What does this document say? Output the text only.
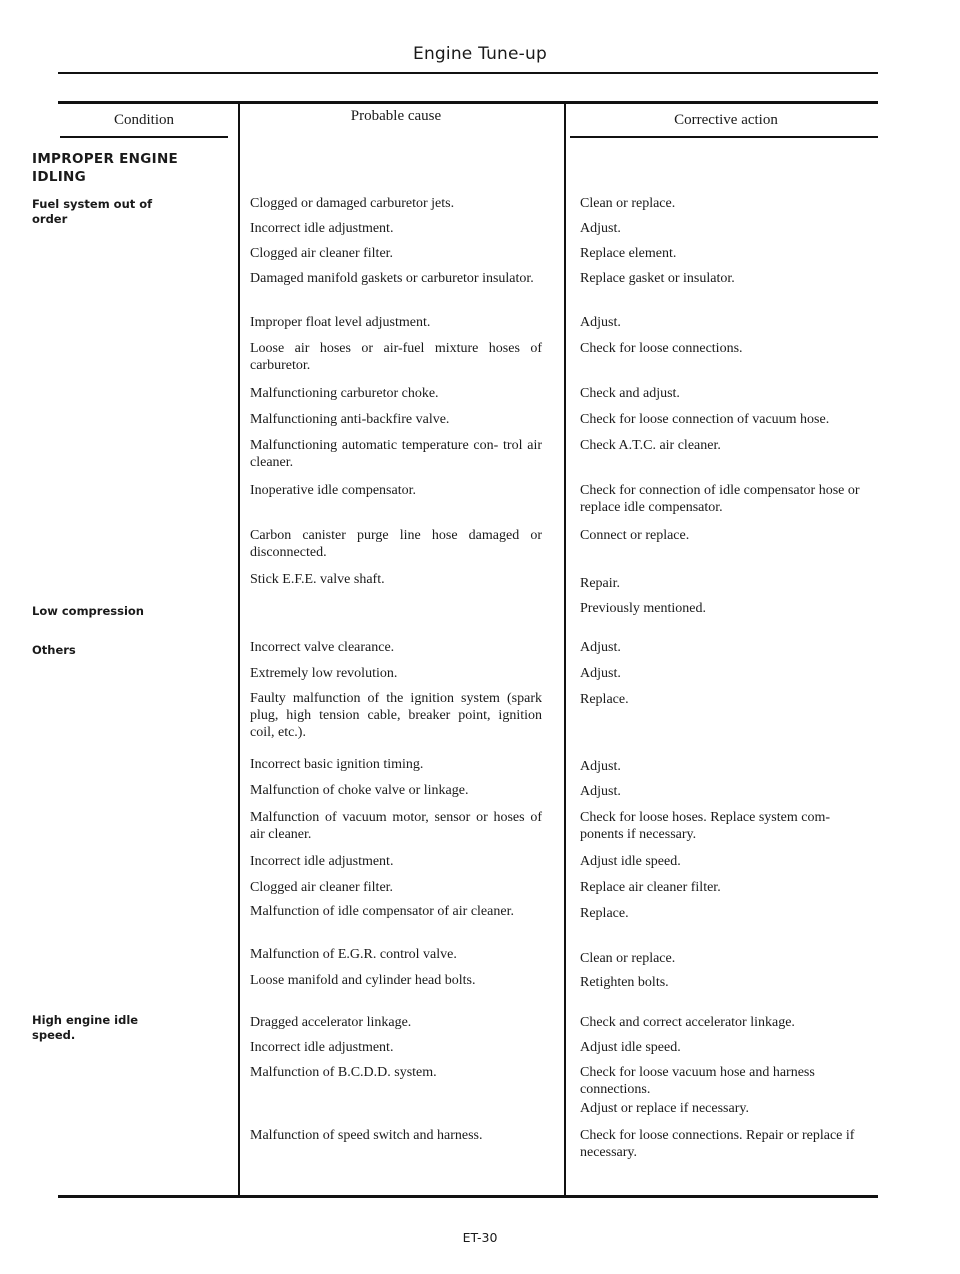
Engine Tune-up
Condition	Probable cause	Corrective action
IMPROPER ENGINE
IDLING
Fuel system out of
order
Low compression
Others
High engine idle
speed.
Clogged or damaged carburetor jets.
Incorrect idle adjustment.
Clogged air cleaner filter.
Damaged manifold gaskets or carburetor insulator.
Improper float level adjustment.
Loose air hoses or air-fuel mixture hoses of carburetor.
Malfunctioning carburetor choke.
Malfunctioning anti-backfire valve.
Malfunctioning automatic temperature con- trol air cleaner.
Inoperative idle compensator.
Carbon canister purge line hose damaged or disconnected.
Stick E.F.E. valve shaft.
Incorrect valve clearance.
Extremely low revolution.
Faulty malfunction of the ignition system (spark plug, high tension cable, breaker point, ignition coil, etc.).
Incorrect basic ignition timing.
Malfunction of choke valve or linkage.
Malfunction of vacuum motor, sensor or hoses of air cleaner.
Incorrect idle adjustment.
Clogged air cleaner filter.
Malfunction of idle compensator of air cleaner.
Malfunction of E.G.R. control valve.
Loose manifold and cylinder head bolts.
Dragged accelerator linkage.
Incorrect idle adjustment.
Malfunction of B.C.D.D. system.
Malfunction of speed switch and harness.
Clean or replace.
Adjust.
Replace element.
Replace gasket or insulator.
Adjust.
Check for loose connections.
Check and adjust.
Check for loose connection of vacuum hose.
Check A.T.C. air cleaner.
Check for connection of idle compensator hose or replace idle compensator.
Connect or replace.
Repair.
Previously mentioned.
Adjust.
Adjust.
Replace.
Adjust.
Adjust.
Check for loose hoses. Replace system com- ponents if necessary.
Adjust idle speed.
Replace air cleaner filter.
Replace.
Clean or replace.
Retighten bolts.
Check and correct accelerator linkage.
Adjust idle speed.
Check for loose vacuum hose and harness connections.
Adjust or replace if necessary.
Check for loose connections. Repair or replace if necessary.
ET-30
